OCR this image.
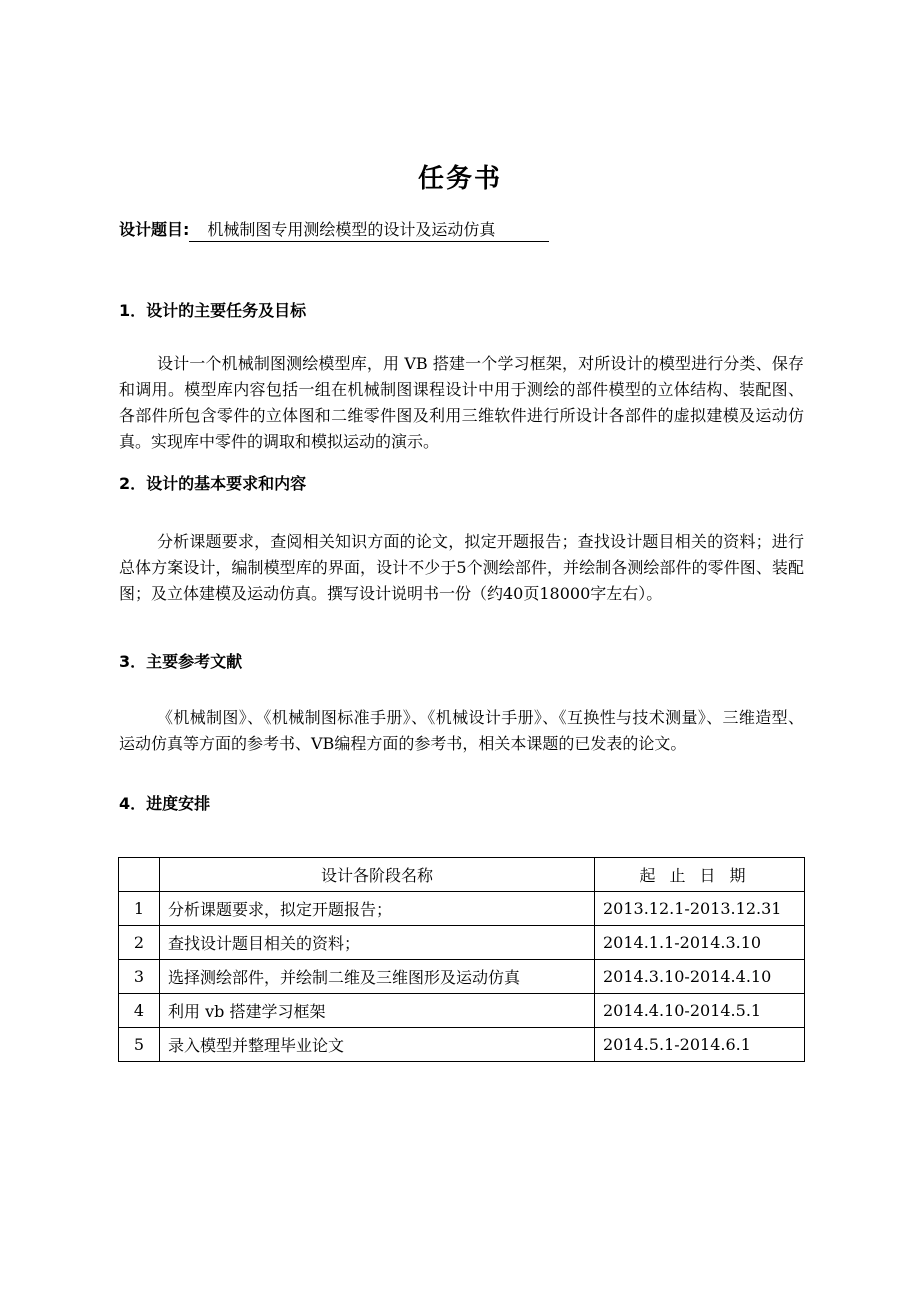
任务书
设计题目: 机械制图专用测绘模型的设计及运动仿真
1．设计的主要任务及目标
设计一个机械制图测绘模型库，用 VB 搭建一个学习框架，对所设计的模型进行分类、保存和调用。模型库内容包括一组在机械制图课程设计中用于测绘的部件模型的立体结构、装配图、各部件所包含零件的立体图和二维零件图及利用三维软件进行所设计各部件的虚拟建模及运动仿真。实现库中零件的调取和模拟运动的演示。
2．设计的基本要求和内容
分析课题要求，查阅相关知识方面的论文，拟定开题报告；查找设计题目相关的资料；进行总体方案设计，编制模型库的界面，设计不少于5个测绘部件，并绘制各测绘部件的零件图、装配图；及立体建模及运动仿真。撰写设计说明书一份（约40页18000字左右）。
3．主要参考文献
《机械制图》、《机械制图标准手册》、《机械设计手册》、《互换性与技术测量》、三维造型、运动仿真等方面的参考书、VB编程方面的参考书，相关本课题的已发表的论文。
4．进度安排
	设计各阶段名称	起止日期
1	分析课题要求，拟定开题报告；	2013.12.1-2013.12.31
2	查找设计题目相关的资料；	2014.1.1-2014.3.10
3	选择测绘部件，并绘制二维及三维图形及运动仿真	2014.3.10-2014.4.10
4	利用 vb 搭建学习框架	2014.4.10-2014.5.1
5	录入模型并整理毕业论文	2014.5.1-2014.6.1
